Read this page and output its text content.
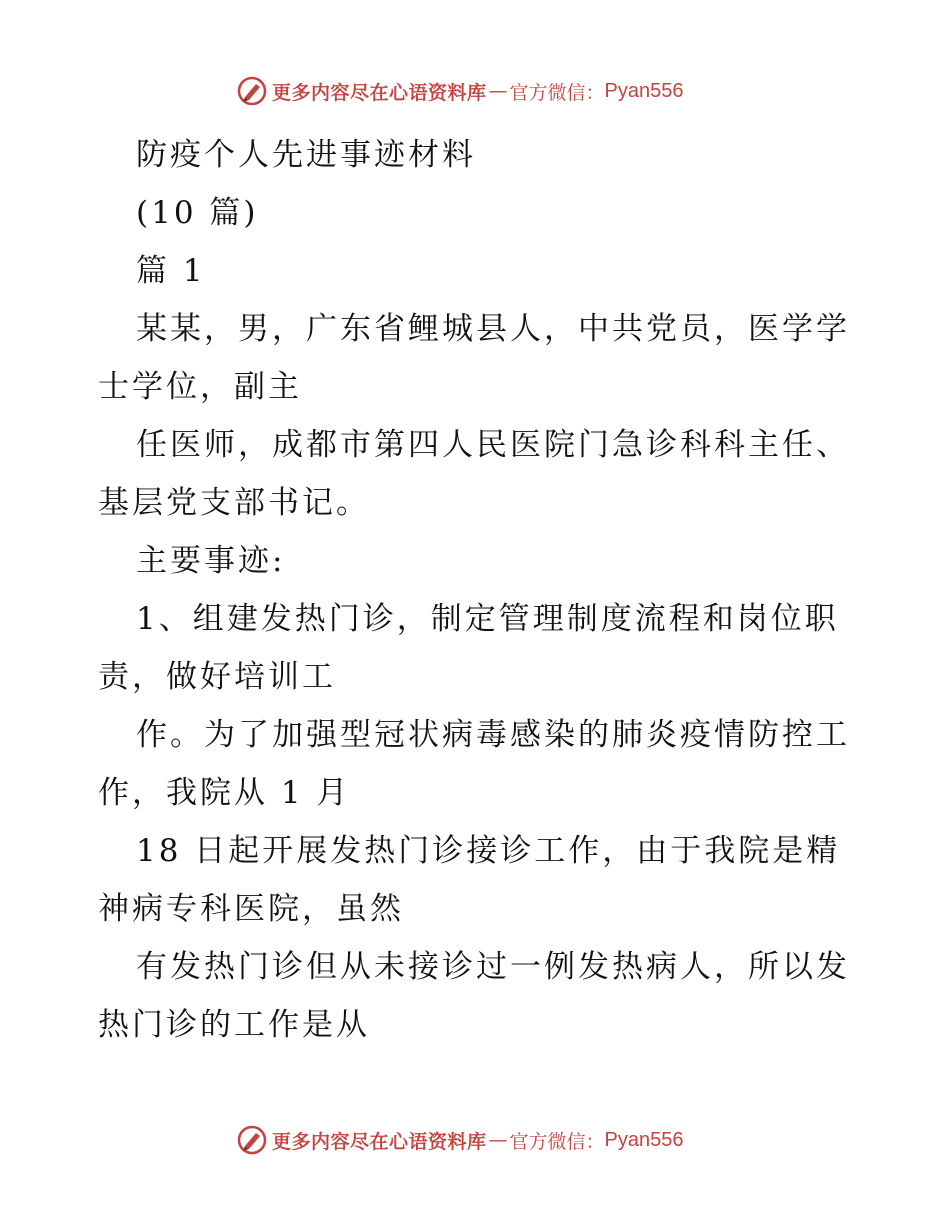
更多内容尽在心语资料库 — 官方微信： Pyan556
防疫个人先进事迹材料
(10 篇)
篇 1
某某，男，广东省鲤城县人，中共党员，医学学
士学位，副主
任医师，成都市第四人民医院门急诊科科主任、
基层党支部书记。
主要事迹:
1、组建发热门诊，制定管理制度流程和岗位职
责，做好培训工
作。为了加强型冠状病毒感染的肺炎疫情防控工
作，我院从 1 月
18 日起开展发热门诊接诊工作，由于我院是精
神病专科医院，虽然
有发热门诊但从未接诊过一例发热病人，所以发
热门诊的工作是从
更多内容尽在心语资料库 — 官方微信： Pyan556
